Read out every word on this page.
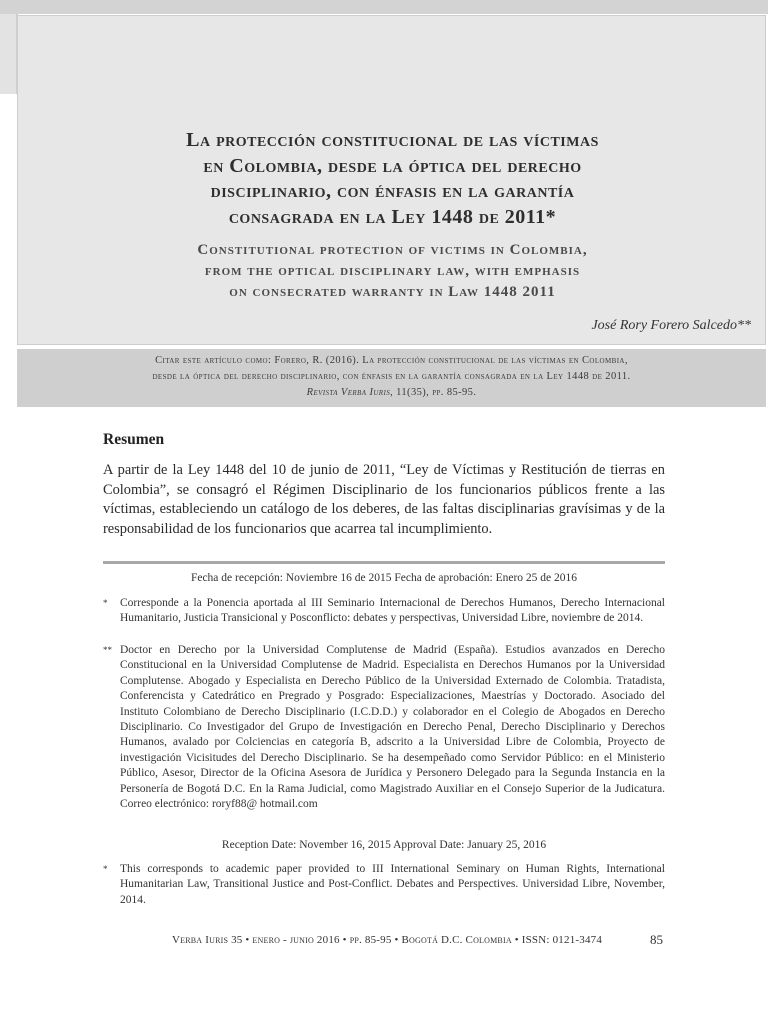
La protección constitucional de las víctimas
en Colombia, desde la óptica del derecho
disciplinario, con énfasis en la garantía
consagrada en la Ley 1448 de 2011*
Constitutional protection of victims in Colombia,
from the optical disciplinary law, with emphasis
on consecrated warranty in Law 1448 2011
José Rory Forero Salcedo**
Citar este artículo como: Forero, R. (2016). La protección constitucional de las víctimas en Colombia,
desde la óptica del derecho disciplinario, con énfasis en la garantía consagrada en la Ley 1448 de 2011.
Revista Verba Iuris, 11(35), pp. 85-95.
Resumen
A partir de la Ley 1448 del 10 de junio de 2011, “Ley de Víctimas y Restitución de tierras en Colombia”, se consagró el Régimen Disciplinario de los funcionarios públicos frente a las víctimas, estableciendo un catálogo de los deberes, de las faltas disciplinarias gravísimas y de la responsabilidad de los funcionarios que acarrea tal incumplimiento.
Fecha de recepción: Noviembre 16 de 2015 Fecha de aprobación: Enero 25 de 2016
* Corresponde a la Ponencia aportada al III Seminario Internacional de Derechos Humanos, Derecho Internacional Humanitario, Justicia Transicional y Posconflicto: debates y perspectivas, Universidad Libre, noviembre de 2014.
** Doctor en Derecho por la Universidad Complutense de Madrid (España). Estudios avanzados en Derecho Constitucional en la Universidad Complutense de Madrid. Especialista en Derechos Humanos por la Universidad Complutense. Abogado y Especialista en Derecho Público de la Universidad Externado de Colombia. Tratadista, Conferencista y Catedrático en Pregrado y Posgrado: Especializaciones, Maestrías y Doctorado. Asociado del Instituto Colombiano de Derecho Disciplinario (I.C.D.D.) y colaborador en el Colegio de Abogados en Derecho Disciplinario. Co Investigador del Grupo de Investigación en Derecho Penal, Derecho Disciplinario y Derechos Humanos, avalado por Colciencias en categoría B, adscrito a la Universidad Libre de Colombia, Proyecto de investigación Vicisitudes del Derecho Disciplinario. Se ha desempeñado como Servidor Público: en el Ministerio Público, Asesor, Director de la Oficina Asesora de Jurídica y Personero Delegado para la Segunda Instancia en la Personería de Bogotá D.C. En la Rama Judicial, como Magistrado Auxiliar en el Consejo Superior de la Judicatura. Correo electrónico: roryf88@ hotmail.com
Reception Date: November 16, 2015 Approval Date: January 25, 2016
* This corresponds to academic paper provided to III International Seminary on Human Rights, International Humanitarian Law, Transitional Justice and Post-Conflict. Debates and Perspectives. Universidad Libre, November, 2014.
Verba Iuris 35 • enero - junio 2016 • pp. 85-95 • Bogotá D.C. Colombia • ISSN: 0121-3474	85
